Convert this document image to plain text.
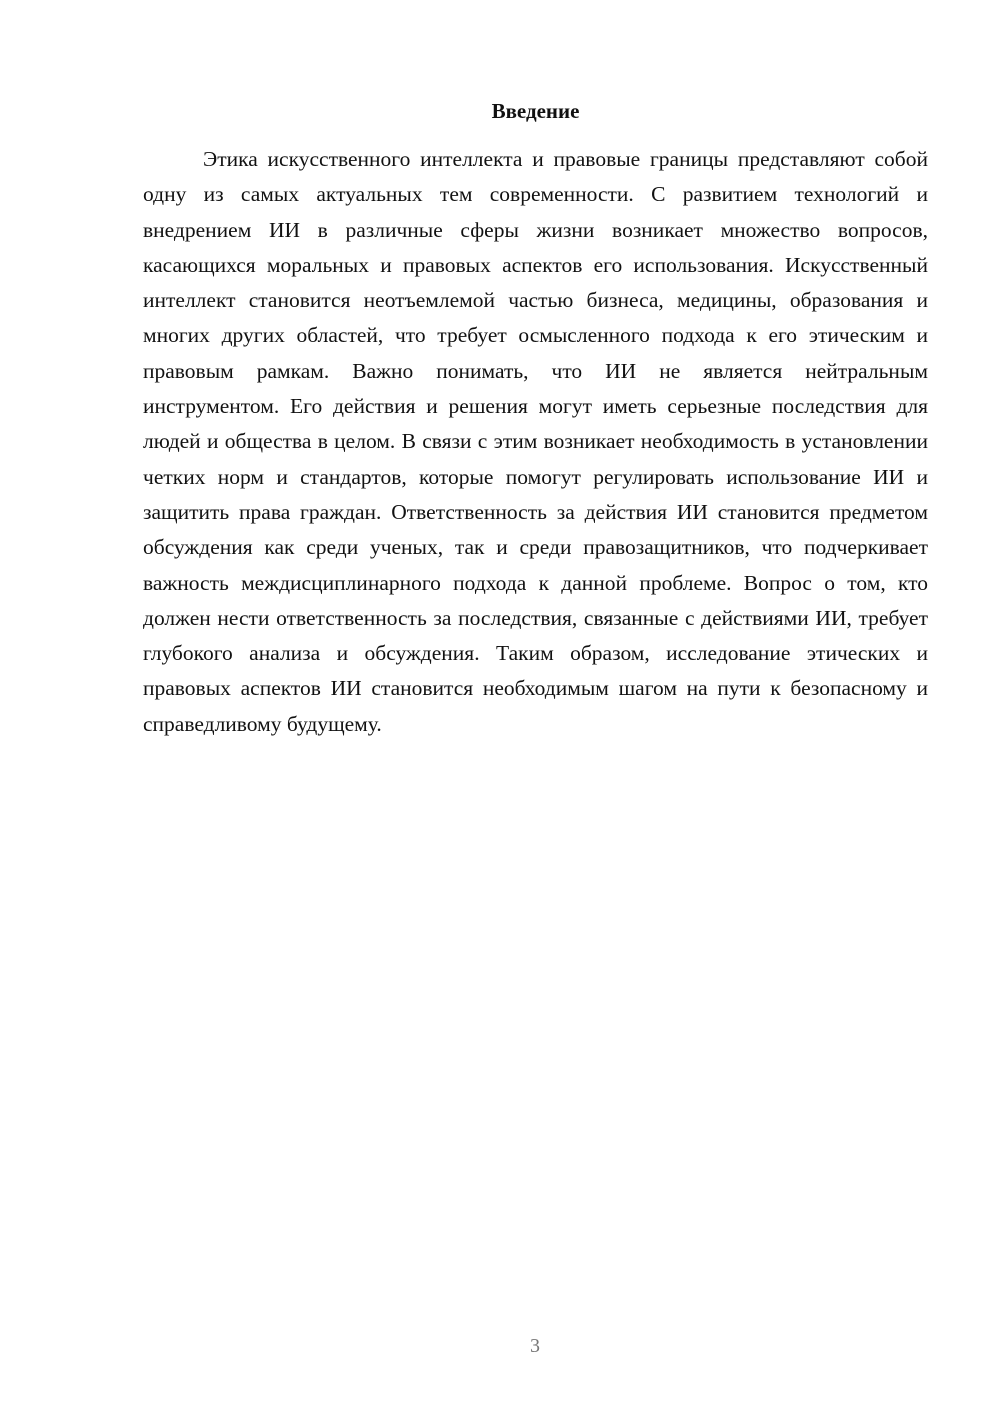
Введение

Этика искусственного интеллекта и правовые границы представляют собой одну из самых актуальных тем современности. С развитием технологий и внедрением ИИ в различные сферы жизни возникает множество вопросов, касающихся моральных и правовых аспектов его использования. Искусственный интеллект становится неотъемлемой частью бизнеса, медицины, образования и многих других областей, что требует осмысленного подхода к его этическим и правовым рамкам. Важно понимать, что ИИ не является нейтральным инструментом. Его действия и решения могут иметь серьезные последствия для людей и общества в целом. В связи с этим возникает необходимость в установлении четких норм и стандартов, которые помогут регулировать использование ИИ и защитить права граждан. Ответственность за действия ИИ становится предметом обсуждения как среди ученых, так и среди правозащитников, что подчеркивает важность междисциплинарного подхода к данной проблеме. Вопрос о том, кто должен нести ответственность за последствия, связанные с действиями ИИ, требует глубокого анализа и обсуждения. Таким образом, исследование этических и правовых аспектов ИИ становится необходимым шагом на пути к безопасному и справедливому будущему.

3
